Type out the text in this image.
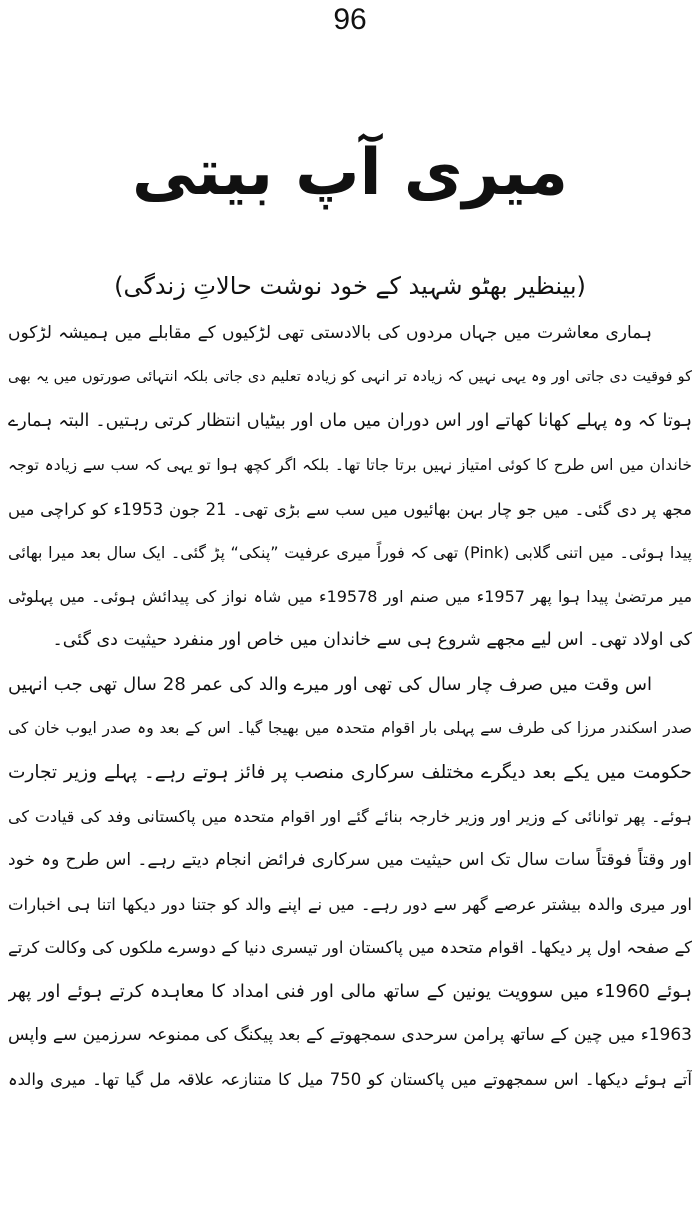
96
میری آپ بیتی
(بینظیر بھٹو شہید کے خود نوشت حالاتِ زندگی)
ہماری معاشرت میں جہاں مردوں کی بالادستی تھی لڑکیوں کے مقابلے میں ہمیشہ لڑکوں
کو فوقیت دی جاتی اور وہ یہی نہیں کہ زیادہ تر انہی کو زیادہ تعلیم دی جاتی بلکہ انتہائی صورتوں میں یہ بھی
ہوتا کہ وہ پہلے کھانا کھاتے اور اس دوران میں ماں اور بیٹیاں انتظار کرتی رہتیں۔ البتہ ہمارے
خاندان میں اس طرح کا کوئی امتیاز نہیں برتا جاتا تھا۔ بلکہ اگر کچھ ہوا تو یہی کہ سب سے زیادہ توجہ
مجھ پر دی گئی۔ میں جو چار بہن بھائیوں میں سب سے بڑی تھی۔ 21 جون 1953ء کو کراچی میں
پیدا ہوئی۔ میں اتنی گلابی (Pink) تھی کہ فوراً میری عرفیت ”پنکی“ پڑ گئی۔ ایک سال بعد میرا بھائی
میر مرتضیٰ پیدا ہوا پھر 1957ء میں صنم اور 19578ء میں شاہ نواز کی پیدائش ہوئی۔ میں پہلوٹی
کی اولاد تھی۔ اس لیے مجھے شروع ہی سے خاندان میں خاص اور منفرد حیثیت دی گئی۔
اس وقت میں صرف چار سال کی تھی اور میرے والد کی عمر 28 سال تھی جب انہیں
صدر اسکندر مرزا کی طرف سے پہلی بار اقوام متحدہ میں بھیجا گیا۔ اس کے بعد وہ صدر ایوب خان کی
حکومت میں یکے بعد دیگرے مختلف سرکاری منصب پر فائز ہوتے رہے۔ پہلے وزیر تجارت
ہوئے۔ پھر توانائی کے وزیر اور وزیر خارجہ بنائے گئے اور اقوام متحدہ میں پاکستانی وفد کی قیادت کی
اور وقتاً فوقتاً سات سال تک اس حیثیت میں سرکاری فرائض انجام دیتے رہے۔ اس طرح وہ خود
اور میری والدہ بیشتر عرصے گھر سے دور رہے۔ میں نے اپنے والد کو جتنا دور دیکھا اتنا ہی اخبارات
کے صفحہ اول پر دیکھا۔ اقوام متحدہ میں پاکستان اور تیسری دنیا کے دوسرے ملکوں کی وکالت کرتے
ہوئے 1960ء میں سوویت یونین کے ساتھ مالی اور فنی امداد کا معاہدہ کرتے ہوئے اور پھر
1963ء میں چین کے ساتھ پرامن سرحدی سمجھوتے کے بعد پیکنگ کی ممنوعہ سرزمین سے واپس
آتے ہوئے دیکھا۔ اس سمجھوتے میں پاکستان کو 750 میل کا متنازعہ علاقہ مل گیا تھا۔ میری والدہ
